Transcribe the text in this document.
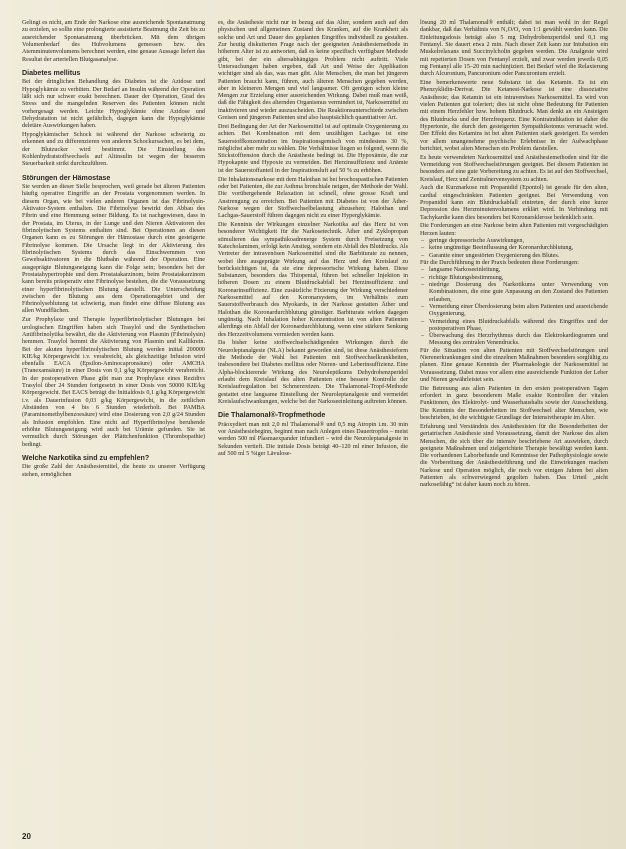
Gelingt es nicht, am Ende der Narkose eine ausreichende Spontanatmung zu erzielen, so sollte eine prolongierte assistierte Beatmung die Zeit bis zu ausreichender Spontanatmung überbrücken. Mit dem übrigen Volumenbedarf des Hubvolumens gemessen bzw. des Atemminutenvolumens berechnet werden, eine genaue Aussage liefert das Resultat der arteriellen Blutgasanalyse.

Diabetes mellitus

Bei der dringlichen Behandlung des Diabetes ist die Azidose und Hypoglykämie zu verhüten. Der Bedarf an Insulin während der Operation läßt sich nur schwer exakt berechnen. Dauer der Operation, Grad des Stress und die mangelnden Reserven des Patienten können nicht vorhergesagt werden. Leichte Hypoglykämie ohne Azidose und Dehydratation ist nicht gefährlich, dagegen kann die Hypoglykämie deletäre Auswirkungen haben.

Hypoglykämischer Schock ist während der Narkose schwierig zu erkennen und zu differenzieren von anderen Schockursachen, es bei dem, der Blutzucker wird bestimmt. Die Einstellung des Kohlenhydratstoffwechsels auf Altinsulin ist wegen der besseren Steuerbarkeit strikt durchzuführen.

Störungen der Hämostase

Sie werden an dieser Stelle besprochen, weil gerade bei älteren Patienten häufig operative Eingriffe an der Prostata vorgenommen werden. In diesem Organ, wie bei vielen anderen Organen ist das Fibrinolysin-Aktivator-System enthalten. Die Fibrinolyse bewirkt den Abbau des Fibrin und eine Hemmung seiner Bildung. Es ist nachgewiesen, dass in der Prostata, im Uterus, in der Lunge und den Nieren Aktivatoren des fibrinolytischen Systems enthalten sind. Bei Operationen an diesen Organen kann es zu Störungen der Hämostase durch eine gesteigerte Fibrinolyse kommen. Die Ursache liegt in der Aktivierung des fibrinolytischen Systems durch das Einschwemmen von Gewebsaktivatoren in die Blutbahn während der Operation. Eine ausgeprägte Blutungsneigung kann die Folge sein; besonders bei der Prostatahypertrophie und dem Prostatakarzinom, beim Prostatakarzinom kann bereits präoperativ eine Fibrinolyse bestehen, die die Voraussetzung einer hyperfibrinolytischen Blutung darstellt. Die Unterscheidung zwischen der Blutung aus dem Operationsgebiet und der Fibrinolyseblutung ist schwierig, man findet eine diffuse Blutung aus allen Wundflächen.

Zur Prophylaxe und Therapie hyperfibrinolytischer Blutungen bei urologischen Eingriffen haben sich Trasylol und die Synthetischen Antifibrinolytika bewährt, die die Aktivierung von Plasmin (Fibrinolysin) hemmen. Trasylol hemmt die Aktivierung von Plasmin und Kallikrein. Bei der akuten hyperfibrinolytischen Blutung werden initial 200000 KIE/kg Körpergewicht i.v. verabreicht, als gleichzeitige Infusion wird ebenfalls EACA (Epsilon-Aminocapronsäure) oder AMCHA (Tranexamsäure) in einer Dosis von 0,1 g/kg Körpergewicht verabreicht. In der postoperativen Phase gibt man zur Prophylaxe eines Rezidivs Trasylol über 24 Stunden fortgesetzt in einer Dosis von 50000 KIE/kg Körpergewicht. Bei EACS beträgt die Initialdosis 0,1 g/kg Körpergewicht i.v. als Dauerinfusion 0,03 g/kg Körpergewicht, in die zeitlichen Abständen von 4 bis 6 Stunden wiederholt. Bei PAMBA (Paraminomethylbenzoesäure) wird eine Dosierung von 2,0 g/24 Stunden als Infusion empfohlen. Eine nicht auf Hyperfibrinolyse beruhende erhöhte Blutungsneigung wird auch bei Urämie gefunden. Sie ist vermutlich durch Störungen der Plättchenfunktion (Thrombopathie) bedingt.

Welche Narkotika sind zu empfehlen?

Die große Zahl der Anästhesiemittel, die heute zu unserer Verfügung stehen, ermöglichen

es, die Anästhesie nicht nur in bezug auf das Alter, sondern auch auf den physischen und allgemeinen Zustand des Kranken, auf die Krankheit als solche und Art und Dauer des geplanten Eingriffes individuell zu gestalten. Zur heutig diskutierten Frage nach der geeigneten Anästhesiemethode in höherem Alter ist zu antworten, daß es keine spezifisch verfügbare Methode gibt, bei der ein altersabhängiges Problem nicht auftritt. Viele Untersuchungen haben ergeben, daß Art und Weise der Applikation wichtiger sind als das, was man gibt. Alte Menschen, die man bei jüngeren Patienten braucht kann, führen, auch älteren Menschen gegeben werden, aber in kleineren Mengen und viel langsamer. Oft genügen schon kleine Mengen zur Erzielung einer ausreichenden Wirkung. Dabei muß man weiß, daß die Fähigkeit des alternden Organismus vermindert ist, Narkosemittel zu inaktivieren und wieder auszuscheiden. Die Reaktionsunterschiede zwischen Greisen und jüngeren Patienten sind also hauptsächlich quantitativer Art.

Drei Bedingung der Art der Narkosemittel ist auf optimale Oxygenierung zu achten. Bei Kombination mit dem unzähligen Lachgas ist eine Sauerstoffkonzentration im Inspirationsgemisch von mindestens 30 %, möglichst aber mehr zu wählen. Die Verhältnisse liegen so folgend, wenn die Stickstofftension durch die Anästhesie bedingt ist. Die Hypoxämie, die zur Hypokapnie und Hypoxie zu vermeiden. Bei Herzinsuffizienz und Anämie ist der Sauerstoffanteil in der Inspirationsluft auf 50 % zu erhöhen.

Die Inhalationsnarkose mit dem Halothan ist bei brochospastischen Patienten oder bei Patienten, die zur Asthma bronchiale neigen, der Methode der Wahl. Die vorübergehende Relaxation ist schnell, ohne grosse Kraft und Anstrengung zu erreichen. Bei Patienten mit Diabetes ist von der Äther-Narkose wegen der Stoffwechselbelastung abzusehen; Halothan und Lachgas-Sauerstoff führen dagegen nicht zu einer Hyperglykämie.

Die Kenntnis der Wirkungen einzelner Narkotika auf das Herz ist von besonderer Wichtigkeit für die Narkosetechnik. Äther und Zyklopropan stimulieren das sympathikoadrenerge System durch Freisetzung von Katecholaminen, erfolgt kein Anstieg, sondern ein Abfall des Blutdrucks. Als Vertreter der intravenösen Narkosemittel sind die Barbiturate zu nennen, wobei ihre ausgeprägte Wirkung auf das Herz und den Kreislauf zu berücksichtigen ist, da sie eine depressorische Wirkung haben. Diese Substanzen, besonders das Thiopental, führen bei schneller Injektion in höheren Dosen zu einem Blutdruckabfall bei Herzinsuffizienz und Koronarinsuffizienz. Eine zusätzliche Fixierung der Wirkung verschiedener Narkosemittel auf den Koronarsystem, im Verhältnis zum Sauerstoffverbrauch des Myokards, in der Narkose gestatten Äther und Halothan die Koronardurchblutung günstiger. Barbiturate wirken dagegen ungünstig. Nach Inhalation hoher Konzentration ist von alten Patienten allerdings ein Abfall der Koronardurchblutung, wenn eine stärkere Senkung des Herzzeitvolumens vermieden werden kann.

Da bisher keine stoffwechselschädigenden Wirkungen durch die Neuroleptanalgesie (NLA) bekannt geworden sind, ist diese Anästhesieform die Methode der Wahl bei Patienten mit Stoffwechselkrankheiten, insbesondere bei Diabetes mellitus oder Nieren- und Leberinsuffizienz. Eine Alpha-blockierende Wirkung des Neuroleptikums Dehydrobenzperidol erlaubt dem Kreislauf des alten Patienten eine bessere Kontrolle der Kreislaufregulation bei Schmerzreizen. Die Thalamonal-Tropf-Methode gestattet eine langsame Einstellung der Neuroleptanalgesie und vermeidet Kreislaufschwankungen, welche bei der Narkoseeinleitung auftreten können.

Die Thalamonal®-Tropfmethode

Präoxydiert man mit 2,0 ml Thalamonal® und 0,5 mg Atropin i.m. 30 min vor Anästhesiebeginn, beginnt man nach Anlegen eines Dauertropfes – meist werden 500 ml Plasmaexpander infundiert – wird die Neuroleptanalgesie in Sekunden vertieft. Die initiale Dosis beträgt 40–120 ml einer Infusion, die auf 500 ml 5 %iger Lävulose-

lösung 20 ml Thalamonal® enthält; dabei ist man wohl in der Regel dankbar, daß das Verhältnis von N₂O/O₂ von 1:1 gewählt werden kann. Die Einleitungsdosis beträgt also 5 mg Dehydrobenzperidol und 0,1 mg Fentanyl. Sie dauert etwa 2 min. Nach dieser Zeit kann zur Intubation ein Muskelrelaxans und Succinylcholin gegeben werden. Die Analgesie wird mit repetierten Dosen von Fentanyl erzielt, und zwar werden jeweils 0,05 mg Fentanyl alle 15–20 min nachinjiziert. Bei Bedarf wird die Relaxierung durch Alcuronium, Pancuronium oder Pancuronium erzielt.

Eine bemerkenswerte neue Substanz ist das Ketamin. Es ist ein Phenzyklidin-Derivat. Die Ketanest-Narkose ist eine dissoziative Anästhesie; das Ketamin ist ein intravenöses Narkosemittel. Es wird von vielen Patienten gut toleriert; dies ist nicht ohne Bedeutung für Patienten mit einem Herzfehler bzw. hohem Blutdruck. Man denkt an ein Ansteigen des Blutdrucks und der Herzfrequenz. Eine Kontraindikation ist daher die Hypertonie, die durch den gesteigerten Sympathikotonus verursacht wird. Der Effekt des Ketamins ist bei alten Patienten stark gesteigert. Es werden vor allem unangenehme psychische Erlebnisse in der Aufwachphase berichtet, wobei alten Menschen ein Problem darstellen.

Es heute verwendeten Narkosemittel und Anästhesiemethoden sind für die Vermeidung von Stoffwechselstörungen geeignet. Bei diesem Patienten ist besonders auf eine gute Vorbereitung zu achten. Es ist auf den Stoffwechsel, Kreislauf, Herz und Zentralnervensystem zu achten.

Auch die Kurznarkose mit Propanidid (Epontol) ist gerade für den alten, cardial eingeschränkten Patienten geeignet. Bei Verwendung von Propanidid kann ein Blutdruckabfall eintreten, der durch eine kurze Depression des Herzminutenvolumens erklärt wird. In Verbindung mit Tachykardie kann dies besonders bei Koronarsklerose bedenklich sein.

Die Forderungen an eine Narkose beim alten Patienten mit vorgeschädigten Herzen lauten:

– geringe depressorische Auswirkungen,
– keine ungünstige Beeinflussung der Koronardurchblutung,
– Garantie einer ungestörten Oxygenierung des Blutes.

Für die Durchführung in der Praxis bedeuten diese Forderungen:

– langsame Narkoseeinleitung,
– richtige Blutungsbestimmung,
– niedrige Dosierung des Narkotikums unter Verwendung von Kombinationen, die eine gute Anpassung an den Zustand des Patienten erlauben,
– Vermeidung einer Überdosierung beim alten Patienten und ausreichende Oxygenierung,
– Vermeidung eines Blutdruckabfalls während des Eingriffes und der postoperativen Phase,
– Überwachung des Herzrhythmus durch das Elektrokardiogramm und Messung des zentralen Venendrucks.

Für die Situation von alten Patienten mit Stoffwechselstörungen und Nierenerkrankungen sind die einzelnen Maßnahmen besonders sorgfältig zu planen. Eine genaue Kenntnis der Pharmakologie der Narkosemittel ist Voraussetzung. Dabei muss vor allem eine ausreichende Funktion der Leber und Nieren gewährleistet sein.

Die Betreuung aus allen Patienten in den ersten postoperativen Tagen erfordert in ganz besonderem Maße exakte Kontrollen der vitalen Funktionen, des Elektrolyt- und Wasserhaushalts sowie der Ausscheidung. Die Kenntnis der Besonderheiten im Stoffwechsel alter Menschen, wie beschrieben, ist die wichtigste Grundlage der Intensivtherapie im Alter.

Erfahrung und Verständnis des Anästhesisten für die Besonderheiten der geriatrischen Anästhesie sind Voraussetzung, damit der Narkose des alten Menschen, die sich über die intensiv beschriebene Art auswirken, durch geeignete Maßnahmen und zielgerichtete Therapie bewältigt werden kann. Die vorhandenen Laborbefunde und Kenntnisse der Pathophysiologie sowie die Vorbereitung der Anästhesieführung und die Einwirkungen machen Narkose und Operation möglich, die noch vor einigen Jahren bei alten Patienten als schwerwiegend gegolten haben. Das Urteil „nicht narkosefähig“ ist daher kaum noch zu hören.

20
